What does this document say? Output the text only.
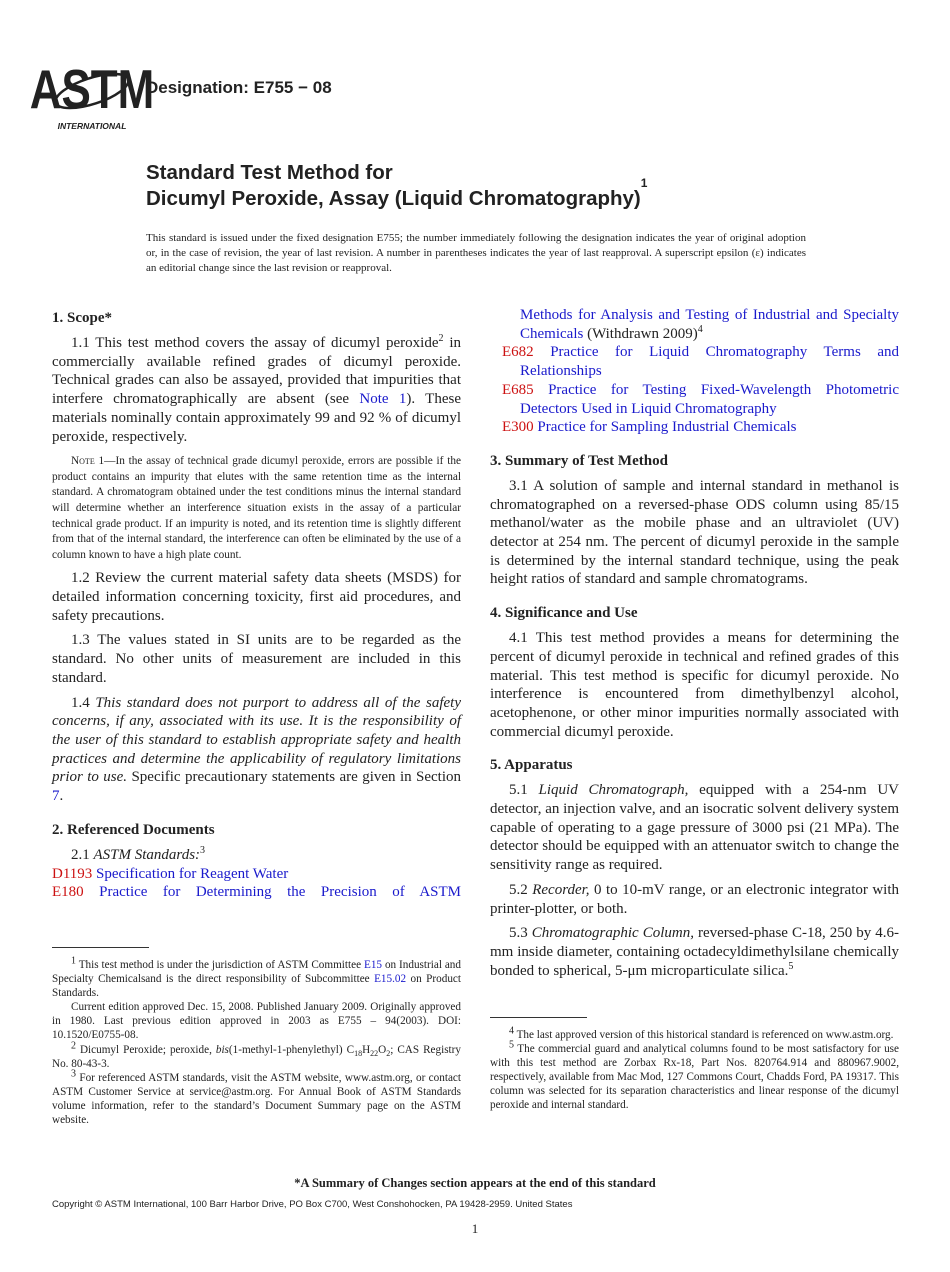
ASTM
INTERNATIONAL
Designation: E755 − 08
Standard Test Method for
Dicumyl Peroxide, Assay (Liquid Chromatography)$^1$
This standard is issued under the fixed designation E755; the number immediately following the designation indicates the year of original adoption or, in the case of revision, the year of last revision. A number in parentheses indicates the year of last reapproval. A superscript epsilon (ε) indicates an editorial change since the last revision or reapproval.
1. Scope*

1.1 This test method covers the assay of dicumyl peroxide$^2$ in commercially available refined grades of dicumyl peroxide. Technical grades can also be assayed, provided that impurities that interfere chromatographically are absent (see Note 1). These materials nominally contain approximately 99 and 92 % of dicumyl peroxide, respectively.

Note 1—In the assay of technical grade dicumyl peroxide, errors are possible if the product contains an impurity that elutes with the same retention time as the internal standard. A chromatogram obtained under the test conditions minus the internal standard will determine whether an interference situation exists in the assay of a particular technical grade product. If an impurity is noted, and its retention time is slightly different from that of the internal standard, the interference can often be eliminated by the use of a column known to have a high plate count.

1.2 Review the current material safety data sheets (MSDS) for detailed information concerning toxicity, first aid procedures, and safety precautions.

1.3 The values stated in SI units are to be regarded as the standard. No other units of measurement are included in this standard.

1.4 This standard does not purport to address all of the safety concerns, if any, associated with its use. It is the responsibility of the user of this standard to establish appropriate safety and health practices and determine the applicability of regulatory limitations prior to use. Specific precautionary statements are given in Section 7.

2. Referenced Documents

2.1 ASTM Standards:$^3$

D1193 Specification for Reagent Water
E180 Practice for Determining the Precision of ASTM
Methods for Analysis and Testing of Industrial and Specialty Chemicals (Withdrawn 2009)$^4$
E682 Practice for Liquid Chromatography Terms and Relationships
E685 Practice for Testing Fixed-Wavelength Photometric Detectors Used in Liquid Chromatography
E300 Practice for Sampling Industrial Chemicals
3. Summary of Test Method

3.1 A solution of sample and internal standard in methanol is chromatographed on a reversed-phase ODS column using 85/15 methanol/water as the mobile phase and an ultraviolet (UV) detector at 254 nm. The percent of dicumyl peroxide in the sample is determined by the internal standard technique, using the peak height ratios of standard and sample chromatograms.

4. Significance and Use

4.1 This test method provides a means for determining the percent of dicumyl peroxide in technical and refined grades of this material. This test method is specific for dicumyl peroxide. No interference is encountered from dimethylbenzyl alcohol, acetophenone, or other minor impurities normally associated with commercial dicumyl peroxide.

5. Apparatus

5.1 Liquid Chromatograph, equipped with a 254-nm UV detector, an injection valve, and an isocratic solvent delivery system capable of operating to a gage pressure of 3000 psi (21 MPa). The detector should be equipped with an attenuator switch to change the sensitivity range as required.

5.2 Recorder, 0 to 10-mV range, or an electronic integrator with printer-plotter, or both.

5.3 Chromatographic Column, reversed-phase C-18, 250 by 4.6-mm inside diameter, containing octadecyldimethylsilane chemically bonded to spherical, 5-μm microparticulate silica.$^5$

$^1$ This test method is under the jurisdiction of ASTM Committee E15 on Industrial and Specialty Chemicalsand is the direct responsibility of Subcommittee E15.02 on Product Standards.

Current edition approved Dec. 15, 2008. Published January 2009. Originally approved in 1980. Last previous edition approved in 2003 as E755 – 94(2003). DOI: 10.1520/E0755-08.

$^2$ Dicumyl Peroxide; peroxide, bis(1-methyl-1-phenylethyl) $C_{18}H_{22}O_2$; CAS Registry No. 80-43-3.

$^3$ For referenced ASTM standards, visit the ASTM website, www.astm.org, or contact ASTM Customer Service at service@astm.org. For Annual Book of ASTM Standards volume information, refer to the standard’s Document Summary page on the ASTM website.

$^4$ The last approved version of this historical standard is referenced on www.astm.org.

$^5$ The commercial guard and analytical columns found to be most satisfactory for use with this test method are Zorbax Rx-18, Part Nos. 820764.914 and 880967.9002, respectively, available from Mac Mod, 127 Commons Court, Chadds Ford, PA 19317. This column was selected for its separation characteristics and linear response of the dicumyl peroxide and internal standard.

*A Summary of Changes section appears at the end of this standard
Copyright © ASTM International, 100 Barr Harbor Drive, PO Box C700, West Conshohocken, PA 19428-2959. United States
1
